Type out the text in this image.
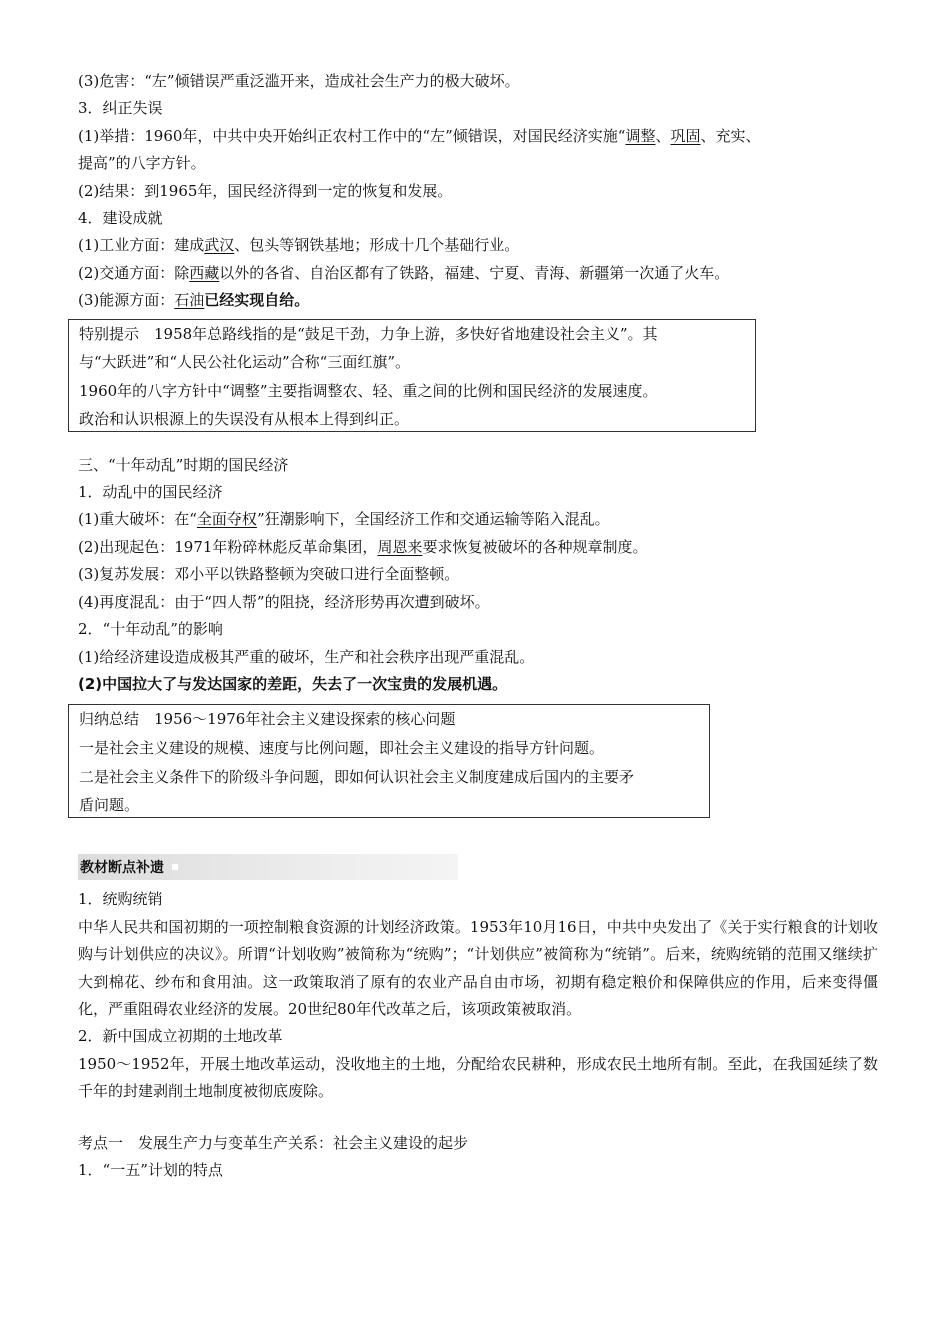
(3)危害：“左”倾错误严重泛滥开来，造成社会生产力的极大破坏。
3．纠正失误
(1)举措：1960年，中共中央开始纠正农村工作中的“左”倾错误，对国民经济实施“调整、巩固、充实、
提高”的八字方针。
(2)结果：到1965年，国民经济得到一定的恢复和发展。
4．建设成就
(1)工业方面：建成武汉、包头等钢铁基地；形成十几个基础行业。
(2)交通方面：除西藏以外的各省、自治区都有了铁路，福建、宁夏、青海、新疆第一次通了火车。
(3)能源方面：石油已经实现自给。
特别提示　1958年总路线指的是“鼓足干劲，力争上游，多快好省地建设社会主义”。其
与“大跃进”和“人民公社化运动”合称“三面红旗”。
1960年的八字方针中“调整”主要指调整农、轻、重之间的比例和国民经济的发展速度。
政治和认识根源上的失误没有从根本上得到纠正。
三、“十年动乱”时期的国民经济
1．动乱中的国民经济
(1)重大破坏：在“全面夺权”狂潮影响下，全国经济工作和交通运输等陷入混乱。
(2)出现起色：1971年粉碎林彪反革命集团，周恩来要求恢复被破坏的各种规章制度。
(3)复苏发展：邓小平以铁路整顿为突破口进行全面整顿。
(4)再度混乱：由于“四人帮”的阻挠，经济形势再次遭到破坏。
2．“十年动乱”的影响
(1)给经济建设造成极其严重的破坏，生产和社会秩序出现严重混乱。
(2)中国拉大了与发达国家的差距，失去了一次宝贵的发展机遇。
归纳总结　1956～1976年社会主义建设探索的核心问题
一是社会主义建设的规模、速度与比例问题，即社会主义建设的指导方针问题。
二是社会主义条件下的阶级斗争问题，即如何认识社会主义制度建成后国内的主要矛
盾问题。
教材断点补遗
1．统购统销
中华人民共和国初期的一项控制粮食资源的计划经济政策。1953年10月16日，中共中央发出了《关于实行粮食的计划收购与计划供应的决议》。所谓“计划收购”被简称为“统购”；“计划供应”被简称为“统销”。后来，统购统销的范围又继续扩大到棉花、纱布和食用油。这一政策取消了原有的农业产品自由市场，初期有稳定粮价和保障供应的作用，后来变得僵化，严重阻碍农业经济的发展。20世纪80年代改革之后，该项政策被取消。
2．新中国成立初期的土地改革
1950～1952年，开展土地改革运动，没收地主的土地，分配给农民耕种，形成农民土地所有制。至此，在我国延续了数千年的封建剥削土地制度被彻底废除。
考点一　发展生产力与变革生产关系：社会主义建设的起步
1．“一五”计划的特点
